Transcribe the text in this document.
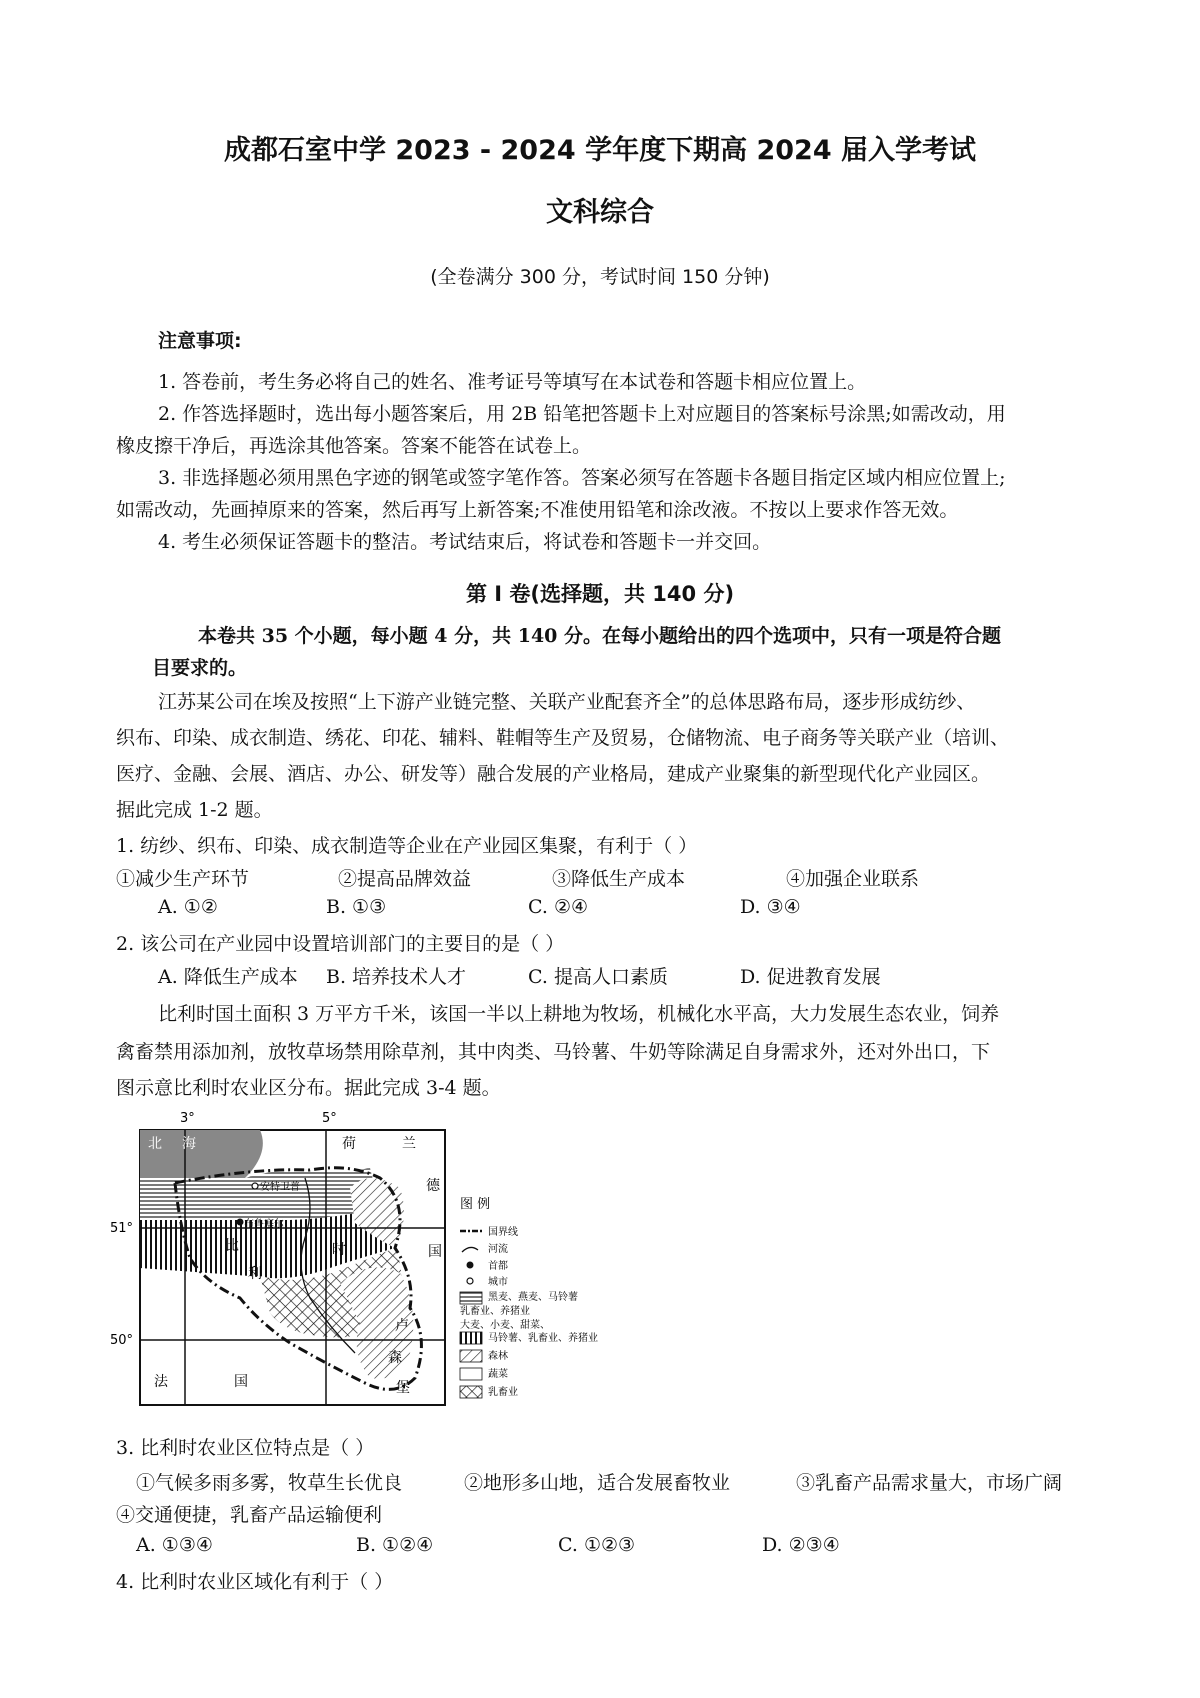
成都石室中学 2023 - 2024 学年度下期高 2024 届入学考试
文科综合
(全卷满分 300 分，考试时间 150 分钟)
注意事项:
1. 答卷前，考生务必将自己的姓名、准考证号等填写在本试卷和答题卡相应位置上。
2. 作答选择题时，选出每小题答案后，用 2B 铅笔把答题卡上对应题目的答案标号涂黑;如需改动，用
橡皮擦干净后，再选涂其他答案。答案不能答在试卷上。
3. 非选择题必须用黑色字迹的钢笔或签字笔作答。答案必须写在答题卡各题目指定区域内相应位置上;
如需改动，先画掉原来的答案，然后再写上新答案;不准使用铅笔和涂改液。不按以上要求作答无效。
4. 考生必须保证答题卡的整洁。考试结束后，将试卷和答题卡一并交回。
第 I 卷(选择题，共 140 分)
本卷共 35 个小题，每小题 4 分，共 140 分。在每小题给出的四个选项中，只有一项是符合题
目要求的。
江苏某公司在埃及按照“上下游产业链完整、关联产业配套齐全”的总体思路布局，逐步形成纺纱、
织布、印染、成衣制造、绣花、印花、辅料、鞋帽等生产及贸易，仓储物流、电子商务等关联产业（培训、
医疗、金融、会展、酒店、办公、研发等）融合发展的产业格局，建成产业聚集的新型现代化产业园区。
据此完成 1-2 题。
1. 纺纱、织布、印染、成衣制造等企业在产业园区集聚，有利于（ ）
①减少生产环节	②提高品牌效益	③降低生产成本	④加强企业联系
A. ①②	B. ①③	C. ②④	D. ③④
2. 该公司在产业园中设置培训部门的主要目的是（ ）
A. 降低生产成本 B. 培养技术人才	C. 提高人口素质	D. 促进教育发展
比利时国土面积 3 万平方千米，该国一半以上耕地为牧场，机械化水平高，大力发展生态农业，饲养
禽畜禁用添加剂，放牧草场禁用除草剂，其中肉类、马铃薯、牛奶等除满足自身需求外，还对外出口，下
图示意比利时农业区分布。据此完成 3-4 题。
3°	5°
51°
50°
北 海	荷	兰
德
国
安特卫普
布鲁塞尔
比
利
时
卢
森
堡
法	国
图 例
国界线
河流
首都
城市
黑麦、燕麦、马铃薯
乳畜业、养猪业
大麦、小麦、甜菜、
马铃薯、乳畜业、养猪业
森林
蔬菜
乳畜业
3. 比利时农业区位特点是（ ）
①气候多雨多雾，牧草生长优良	②地形多山地，适合发展畜牧业	③乳畜产品需求量大，市场广阔
④交通便捷，乳畜产品运输便利
A. ①③④	B. ①②④	C. ①②③	D. ②③④
4. 比利时农业区域化有利于（ ）
